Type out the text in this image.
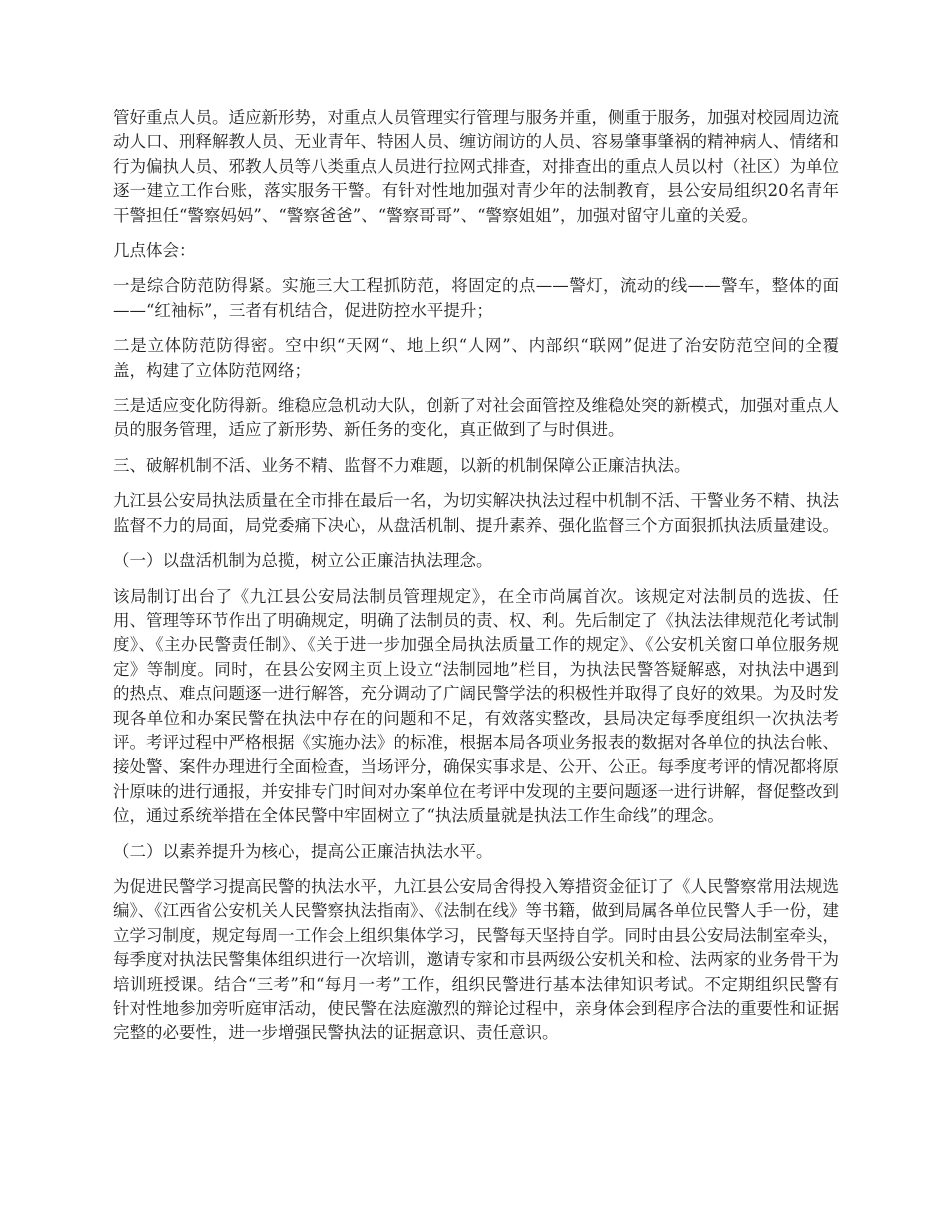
管好重点人员。适应新形势，对重点人员管理实行管理与服务并重，侧重于服务，加强对校园周边流动人口、刑释解教人员、无业青年、特困人员、缠访闹访的人员、容易肇事肇祸的精神病人、情绪和行为偏执人员、邪教人员等八类重点人员进行拉网式排查，对排查出的重点人员以村（社区）为单位逐一建立工作台账，落实服务干警。有针对性地加强对青少年的法制教育，县公安局组织20名青年干警担任“警察妈妈”、“警察爸爸”、“警察哥哥”、“警察姐姐”，加强对留守儿童的关爱。

几点体会：

一是综合防范防得紧。实施三大工程抓防范，将固定的点——警灯，流动的线——警车，整体的面——“红袖标”，三者有机结合，促进防控水平提升；

二是立体防范防得密。空中织“天网“、地上织“人网”、内部织“联网”促进了治安防范空间的全覆盖，构建了立体防范网络；

三是适应变化防得新。维稳应急机动大队，创新了对社会面管控及维稳处突的新模式，加强对重点人员的服务管理，适应了新形势、新任务的变化，真正做到了与时俱进。

三、破解机制不活、业务不精、监督不力难题，以新的机制保障公正廉洁执法。

九江县公安局执法质量在全市排在最后一名，为切实解决执法过程中机制不活、干警业务不精、执法监督不力的局面，局党委痛下决心，从盘活机制、提升素养、强化监督三个方面狠抓执法质量建设。

（一）以盘活机制为总揽，树立公正廉洁执法理念。

该局制订出台了《九江县公安局法制员管理规定》，在全市尚属首次。该规定对法制员的选拔、任用、管理等环节作出了明确规定，明确了法制员的责、权、利。先后制定了《执法法律规范化考试制度》、《主办民警责任制》、《关于进一步加强全局执法质量工作的规定》、《公安机关窗口单位服务规定》等制度。同时，在县公安网主页上设立“法制园地”栏目，为执法民警答疑解惑，对执法中遇到的热点、难点问题逐一进行解答，充分调动了广阔民警学法的积极性并取得了良好的效果。为及时发现各单位和办案民警在执法中存在的问题和不足，有效落实整改，县局决定每季度组织一次执法考评。考评过程中严格根据《实施办法》的标准，根据本局各项业务报表的数据对各单位的执法台帐、接处警、案件办理进行全面检查，当场评分，确保实事求是、公开、公正。每季度考评的情况都将原汁原味的进行通报，并安排专门时间对办案单位在考评中发现的主要问题逐一进行讲解，督促整改到位，通过系统举措在全体民警中牢固树立了“执法质量就是执法工作生命线”的理念。

（二）以素养提升为核心，提高公正廉洁执法水平。

为促进民警学习提高民警的执法水平，九江县公安局舍得投入筹措资金征订了《人民警察常用法规选编》、《江西省公安机关人民警察执法指南》、《法制在线》等书籍，做到局属各单位民警人手一份，建立学习制度，规定每周一工作会上组织集体学习，民警每天坚持自学。同时由县公安局法制室牵头，每季度对执法民警集体组织进行一次培训，邀请专家和市县两级公安机关和检、法两家的业务骨干为培训班授课。结合“三考”和“每月一考”工作，组织民警进行基本法律知识考试。不定期组织民警有针对性地参加旁听庭审活动，使民警在法庭激烈的辩论过程中，亲身体会到程序合法的重要性和证据完整的必要性，进一步增强民警执法的证据意识、责任意识。
